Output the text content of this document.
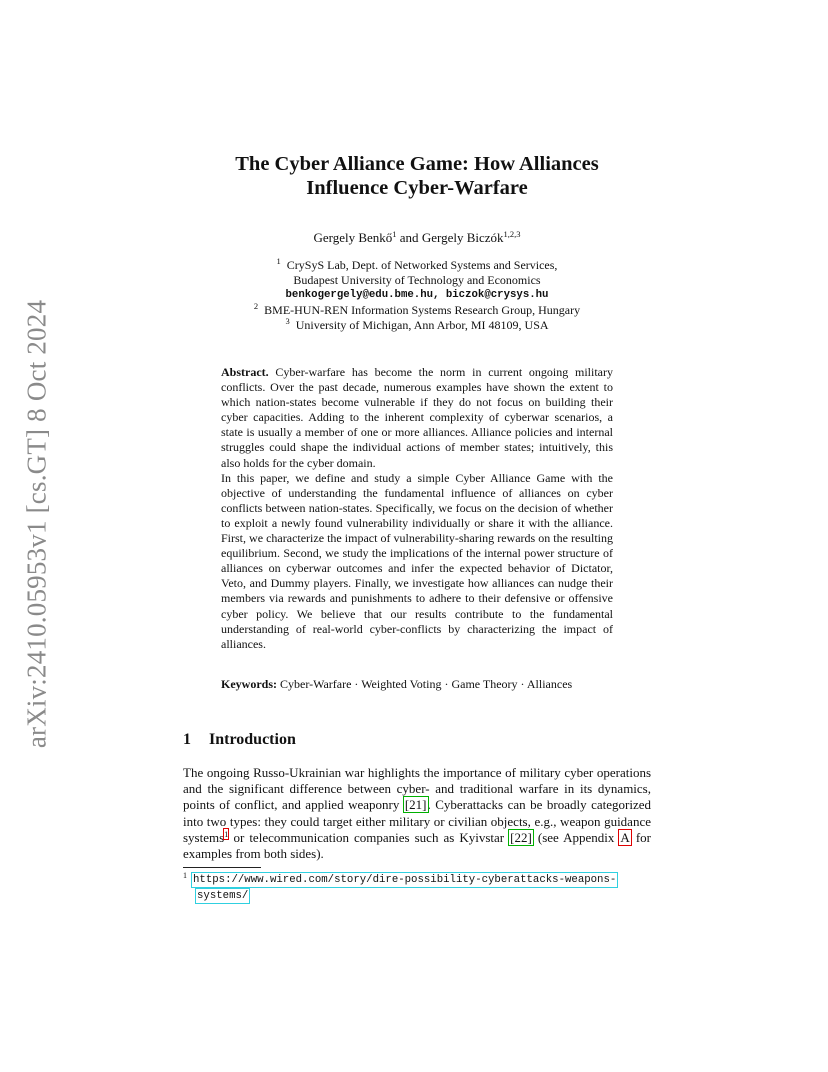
arXiv:2410.05953v1 [cs.GT] 8 Oct 2024
The Cyber Alliance Game: How Alliances
Influence Cyber-Warfare
Gergely Benkő$^1$ and Gergely Biczók$^{1,2,3}$
$^1$ CrySyS Lab, Dept. of Networked Systems and Services,
Budapest University of Technology and Economics
benkogergely@edu.bme.hu, biczok@crysys.hu
$^2$ BME-HUN-REN Information Systems Research Group, Hungary
$^3$ University of Michigan, Ann Arbor, MI 48109, USA

Abstract. Cyber-warfare has become the norm in current ongoing military conflicts. Over the past decade, numerous examples have shown the extent to which nation-states become vulnerable if they do not focus on building their cyber capacities. Adding to the inherent complexity of cyberwar scenarios, a state is usually a member of one or more alliances. Alliance policies and internal struggles could shape the individual actions of member states; intuitively, this also holds for the cyber domain.

In this paper, we define and study a simple Cyber Alliance Game with the objective of understanding the fundamental influence of alliances on cyber conflicts between nation-states. Specifically, we focus on the decision of whether to exploit a newly found vulnerability individually or share it with the alliance. First, we characterize the impact of vulnerability-sharing rewards on the resulting equilibrium. Second, we study the implications of the internal power structure of alliances on cyberwar outcomes and infer the expected behavior of Dictator, Veto, and Dummy players. Finally, we investigate how alliances can nudge their members via rewards and punishments to adhere to their defensive or offensive cyber policy. We believe that our results contribute to the fundamental understanding of real-world cyber-conflicts by characterizing the impact of alliances.

Keywords: Cyber-Warfare · Weighted Voting · Game Theory · Alliances
1 Introduction

The ongoing Russo-Ukrainian war highlights the importance of military cyber operations and the significant difference between cyber- and traditional warfare in its dynamics, points of conflict, and applied weaponry [21]. Cyberattacks can be broadly categorized into two types: they could target either military or civilian objects, e.g., weapon guidance systems$^1$ or telecommunication companies such as Kyivstar [22] (see Appendix A for examples from both sides).

1 https://www.wired.com/story/dire-possibility-cyberattacks-weapons-
systems/
